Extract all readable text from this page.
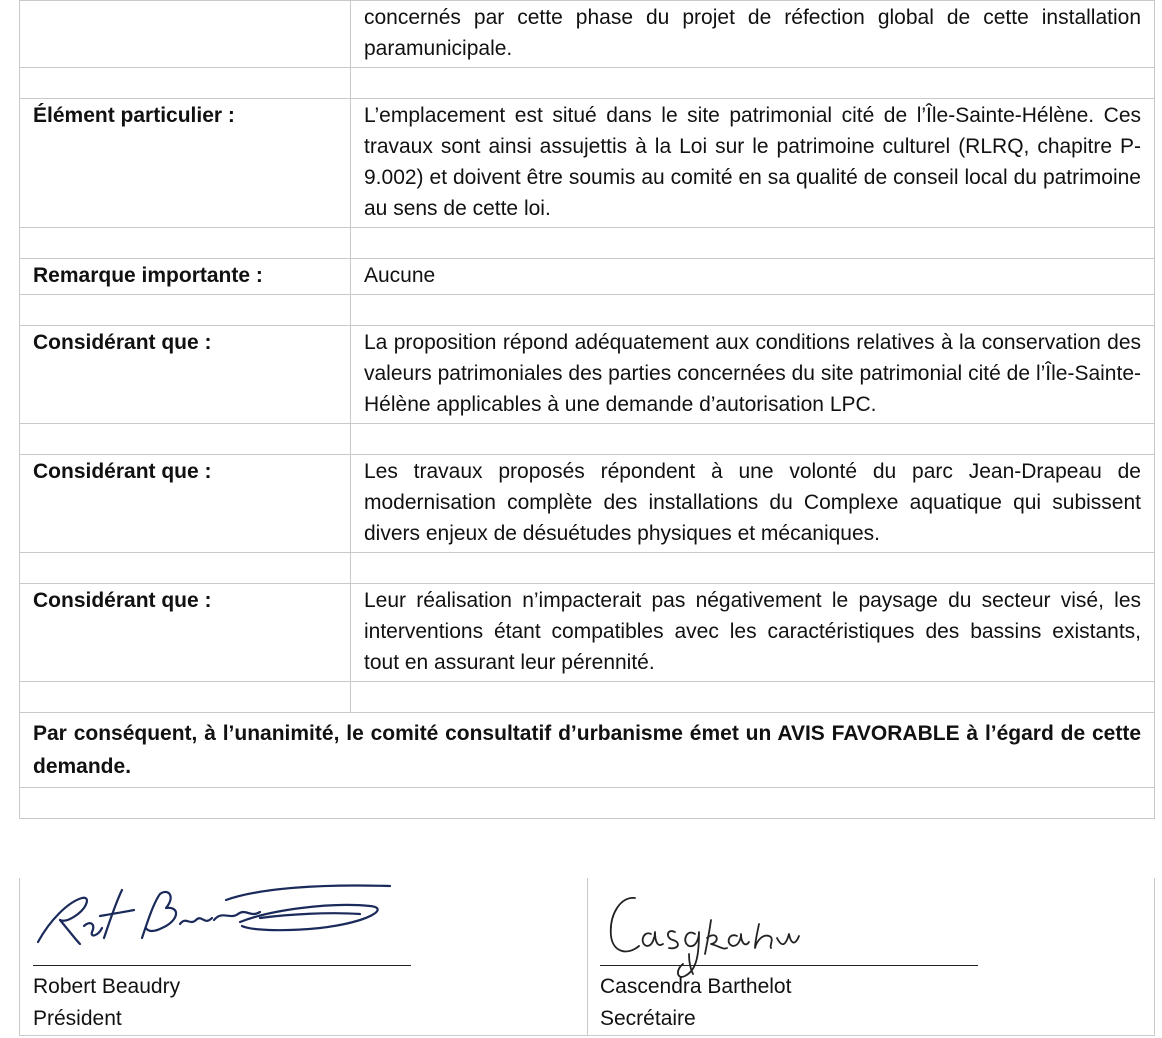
	concernés par cette phase du projet de réfection global de cette installation paramunicipale.

Élément particulier :	L’emplacement est situé dans le site patrimonial cité de l’Île-Sainte-Hélène. Ces travaux sont ainsi assujettis à la Loi sur le patrimoine culturel (RLRQ, chapitre P-9.002) et doivent être soumis au comité en sa qualité de conseil local du patrimoine au sens de cette loi.

Remarque importante :	Aucune

Considérant que :	La proposition répond adéquatement aux conditions relatives à la conservation des valeurs patrimoniales des parties concernées du site patrimonial cité de l’Île-Sainte-Hélène applicables à une demande d’autorisation LPC.

Considérant que :	Les travaux proposés répondent à une volonté du parc Jean-Drapeau de modernisation complète des installations du Complexe aquatique qui subissent divers enjeux de désuétudes physiques et mécaniques.

Considérant que :	Leur réalisation n’impacterait pas négativement le paysage du secteur visé, les interventions étant compatibles avec les caractéristiques des bassins existants, tout en assurant leur pérennité.

Par conséquent, à l’unanimité, le comité consultatif d’urbanisme émet un AVIS FAVORABLE à l’égard de cette demande.	

Robert Beaudry
Président
Cascendra Barthelot
Secrétaire
